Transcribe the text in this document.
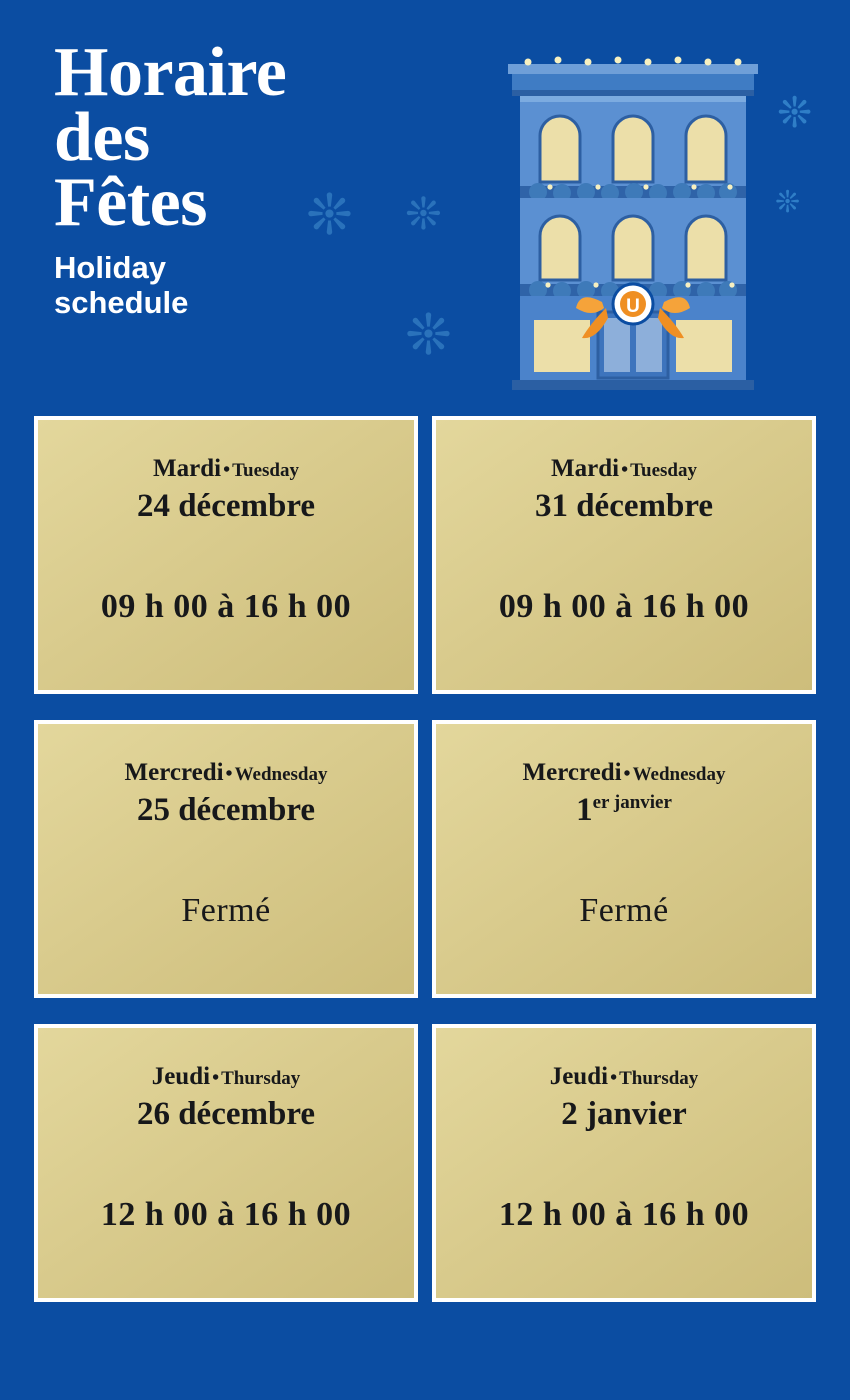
Horaire
des
Fêtes
Holiday
schedule
❊ ❊
❊
❊
❊
U
Mardi • Tuesday
24 décembre
09 h 00 à 16 h 00
Mardi • Tuesday
31 décembre
09 h 00 à 16 h 00
Mercredi • Wednesday
25 décembre
Fermé
Mercredi • Wednesday
$1^{er janvier}$
Fermé
Jeudi • Thursday
26 décembre
12 h 00 à 16 h 00
Jeudi • Thursday
2 janvier
12 h 00 à 16 h 00
